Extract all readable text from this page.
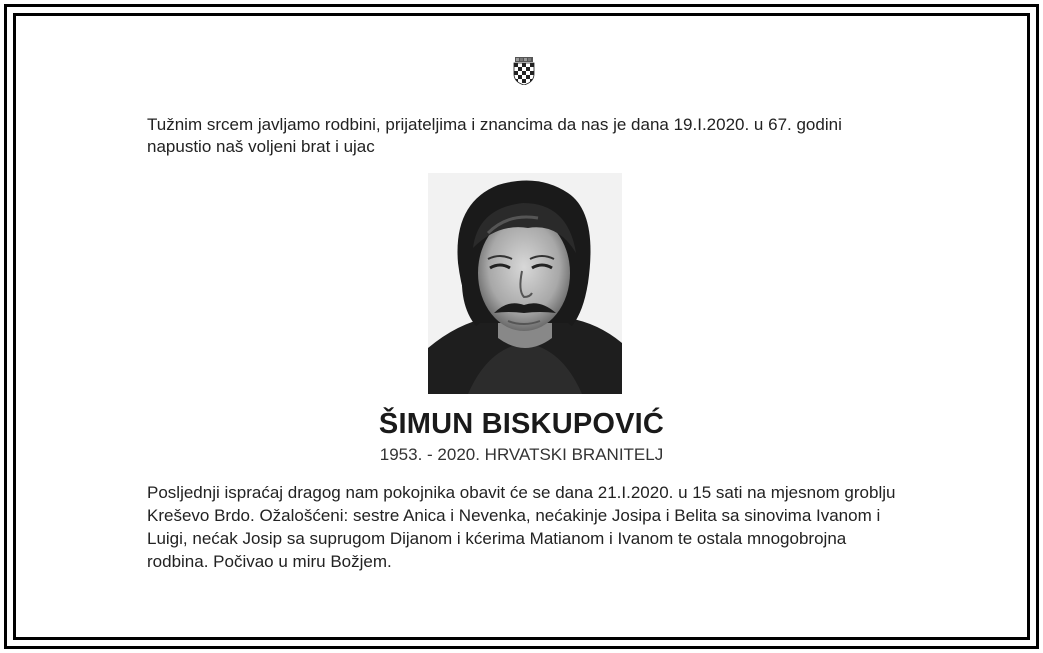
Tužnim srcem javljamo rodbini, prijateljima i znancima da nas je dana 19.I.2020. u 67. godini napustio naš voljeni brat i ujac

ŠIMUN BISKUPOVIĆ

1953. - 2020. HRVATSKI BRANITELJ

Posljednji ispraćaj dragog nam pokojnika obavit će se dana 21.I.2020. u 15 sati na mjesnom groblju Kreševo Brdo. Ožalošćeni: sestre Anica i Nevenka, nećakinje Josipa i Belita sa sinovima Ivanom i Luigi, nećak Josip sa suprugom Dijanom i kćerima Matianom i Ivanom te ostala mnogobrojna rodbina. Počivao u miru Božjem.
